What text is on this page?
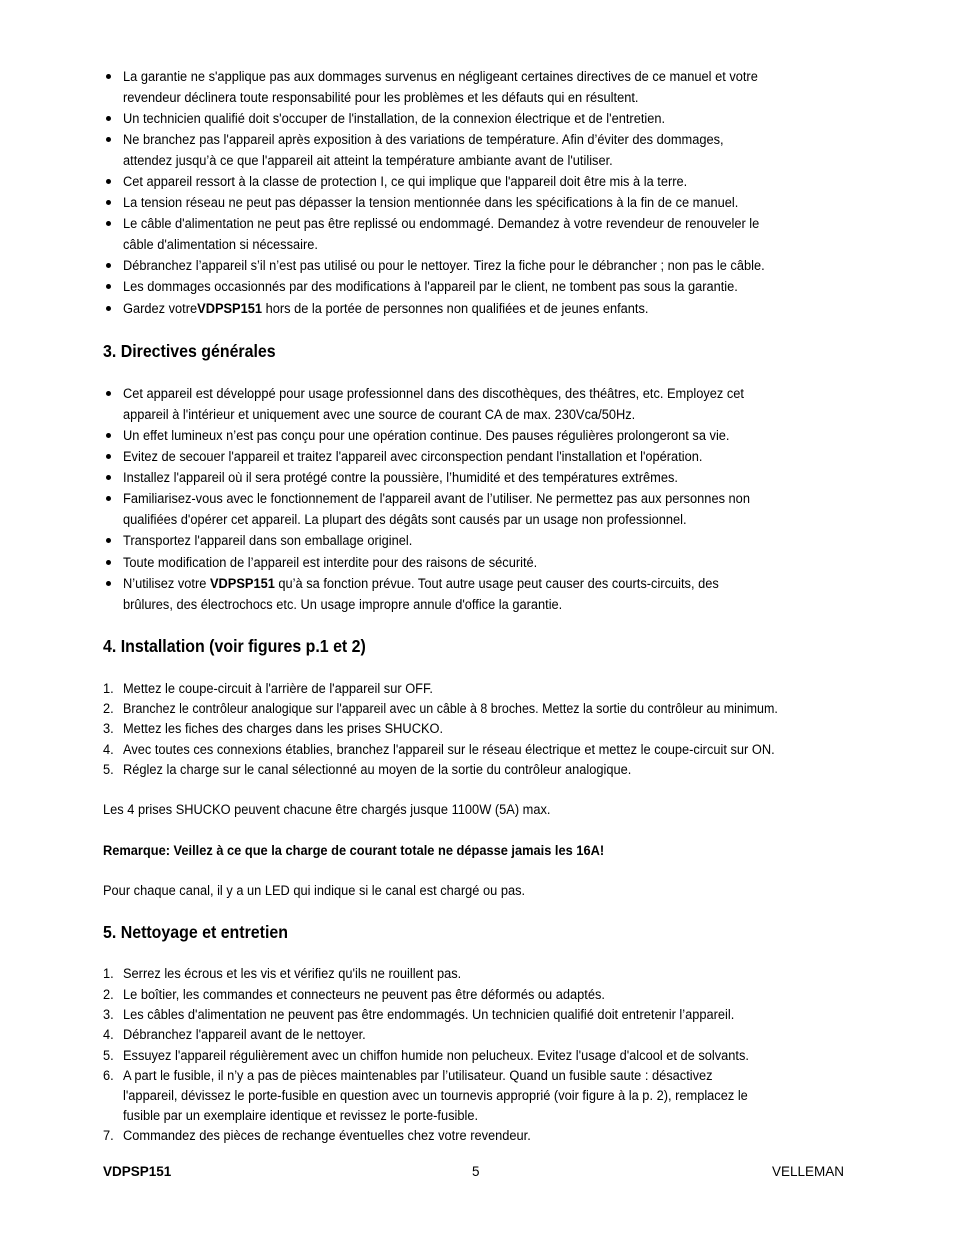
La garantie ne s'applique pas aux dommages survenus en négligeant certaines directives de ce manuel et votre
revendeur déclinera toute responsabilité pour les problèmes et les défauts qui en résultent.
Un technicien qualifié doit s'occuper de l'installation, de la connexion électrique et de l'entretien.
Ne branchez pas l'appareil après exposition à des variations de température. Afin d’éviter des dommages,
attendez jusqu’à ce que l'appareil ait atteint la température ambiante avant de l'utiliser.
Cet appareil ressort à la classe de protection I, ce qui implique que l'appareil doit être mis à la terre.
La tension réseau ne peut pas dépasser la tension mentionnée dans les spécifications à la fin de ce manuel.
Le câble d'alimentation ne peut pas être replissé ou endommagé. Demandez à votre revendeur de renouveler le
câble d'alimentation si nécessaire.
Débranchez l’appareil s’il n’est pas utilisé ou pour le nettoyer. Tirez la fiche pour le débrancher ; non pas le câble.
Les dommages occasionnés par des modifications à l'appareil par le client, ne tombent pas sous la garantie.
Gardez votreVDPSP151 hors de la portée de personnes non qualifiées et de jeunes enfants.
3. Directives générales
Cet appareil est développé pour usage professionnel dans des discothèques, des théâtres, etc. Employez cet
appareil à l'intérieur et uniquement avec une source de courant CA de max. 230Vca/50Hz.
Un effet lumineux n’est pas conçu pour une opération continue. Des pauses régulières prolongeront sa vie.
Evitez de secouer l'appareil et traitez l'appareil avec circonspection pendant l'installation et l'opération.
Installez l'appareil où il sera protégé contre la poussière, l’humidité et des températures extrêmes.
Familiarisez-vous avec le fonctionnement de l'appareil avant de l’utiliser. Ne permettez pas aux personnes non
qualifiées d'opérer cet appareil. La plupart des dégâts sont causés par un usage non professionnel.
Transportez l'appareil dans son emballage originel.
Toute modification de l’appareil est interdite pour des raisons de sécurité.
N’utilisez votre VDPSP151 qu’à sa fonction prévue. Tout autre usage peut causer des courts-circuits, des
brûlures, des électrochocs etc. Un usage impropre annule d'office la garantie.
4. Installation (voir figures p.1 et 2)
1. Mettez le coupe-circuit à l'arrière de l'appareil sur OFF.
2. Branchez le contrôleur analogique sur l'appareil avec un câble à 8 broches. Mettez la sortie du contrôleur au minimum.
3. Mettez les fiches des charges dans les prises SHUCKO.
4. Avec toutes ces connexions établies, branchez l'appareil sur le réseau électrique et mettez le coupe-circuit sur ON.
5. Réglez la charge sur le canal sélectionné au moyen de la sortie du contrôleur analogique.
Les 4 prises SHUCKO peuvent chacune être chargés jusque 1100W (5A) max.
Remarque: Veillez à ce que la charge de courant totale ne dépasse jamais les 16A!
Pour chaque canal, il y a un LED qui indique si le canal est chargé ou pas.
5. Nettoyage et entretien
1. Serrez les écrous et les vis et vérifiez qu'ils ne rouillent pas.
2. Le boîtier, les commandes et connecteurs ne peuvent pas être déformés ou adaptés.
3. Les câbles d'alimentation ne peuvent pas être endommagés. Un technicien qualifié doit entretenir l’appareil.
4. Débranchez l'appareil avant de le nettoyer.
5. Essuyez l'appareil régulièrement avec un chiffon humide non pelucheux. Evitez l'usage d'alcool et de solvants.
6. A part le fusible, il n’y a pas de pièces maintenables par l’utilisateur. Quand un fusible saute : désactivez
l'appareil, dévissez le porte-fusible en question avec un tournevis approprié (voir figure à la p. 2), remplacez le
fusible par un exemplaire identique et revissez le porte-fusible.
7. Commandez des pièces de rechange éventuelles chez votre revendeur.
VDPSP151	5	VELLEMAN
